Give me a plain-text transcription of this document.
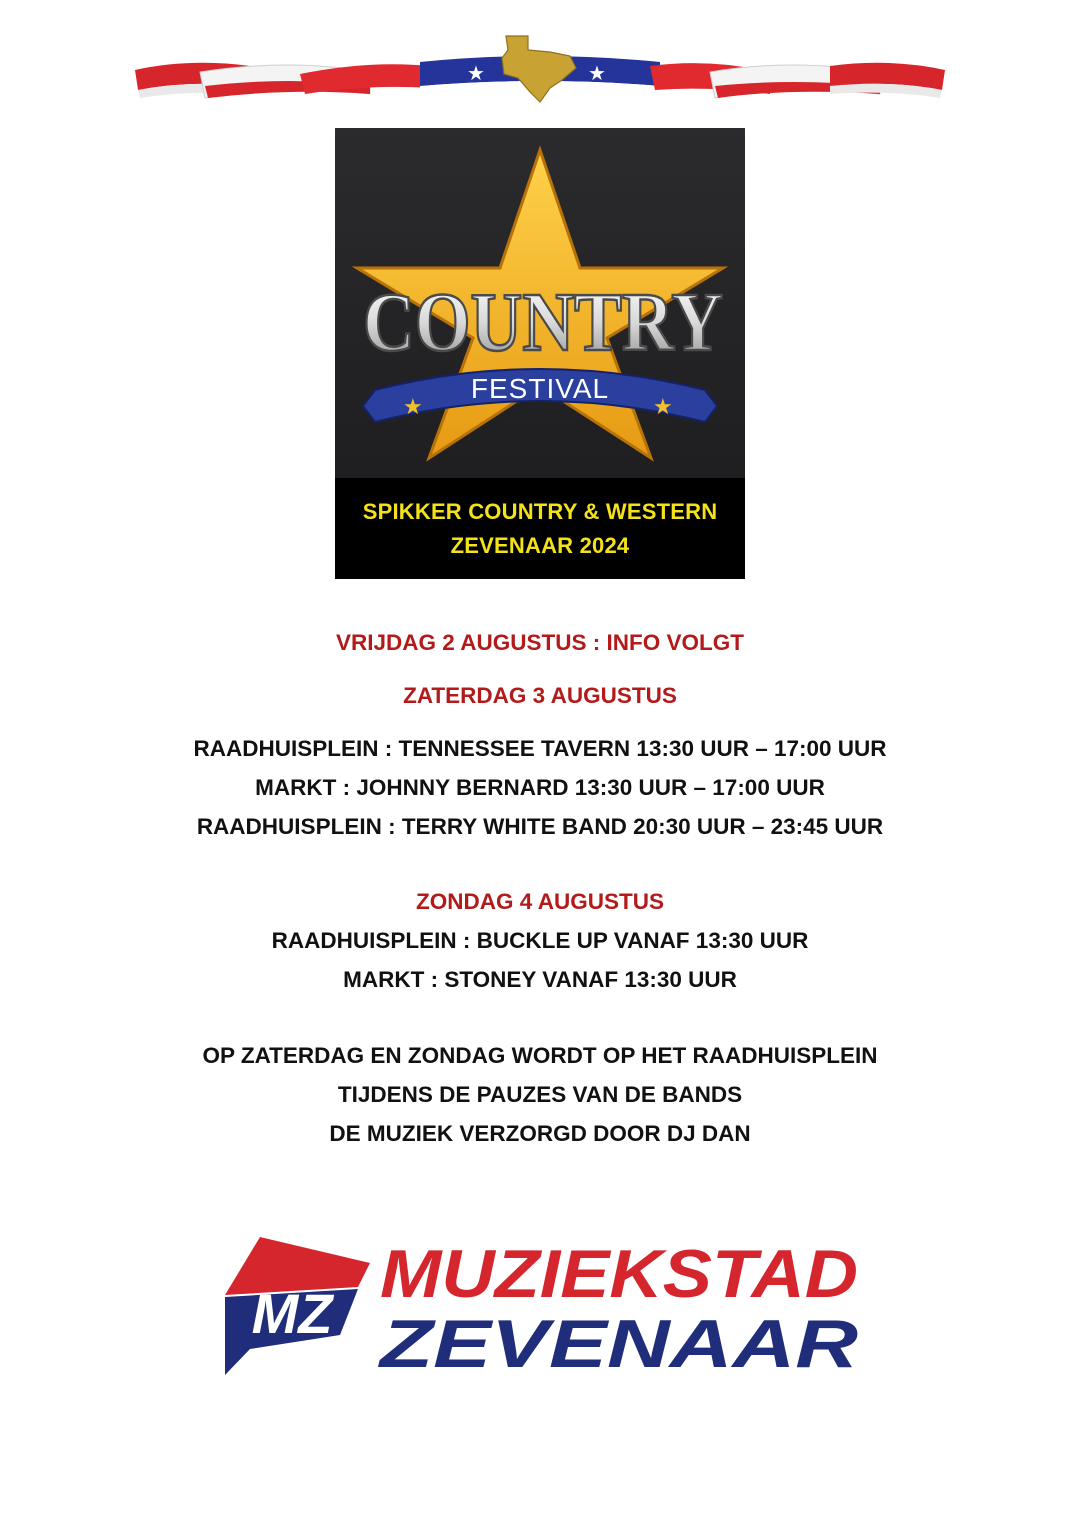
★	★
COUNTRY
★	★
FESTIVAL
SPIKKER COUNTRY & WESTERN
ZEVENAAR 2024
VRIJDAG 2 AUGUSTUS : INFO VOLGT
ZATERDAG 3 AUGUSTUS
RAADHUISPLEIN : TENNESSEE TAVERN 13:30 UUR – 17:00 UUR
MARKT : JOHNNY BERNARD 13:30 UUR – 17:00 UUR
RAADHUISPLEIN : TERRY WHITE BAND 20:30 UUR – 23:45 UUR
ZONDAG 4 AUGUSTUS
RAADHUISPLEIN : BUCKLE UP VANAF 13:30 UUR
MARKT : STONEY VANAF 13:30 UUR
OP ZATERDAG EN ZONDAG WORDT OP HET RAADHUISPLEIN
TIJDENS DE PAUZES VAN DE BANDS
DE MUZIEK VERZORGD DOOR DJ DAN
MZ
MUZIEKSTAD
ZEVENAAR
